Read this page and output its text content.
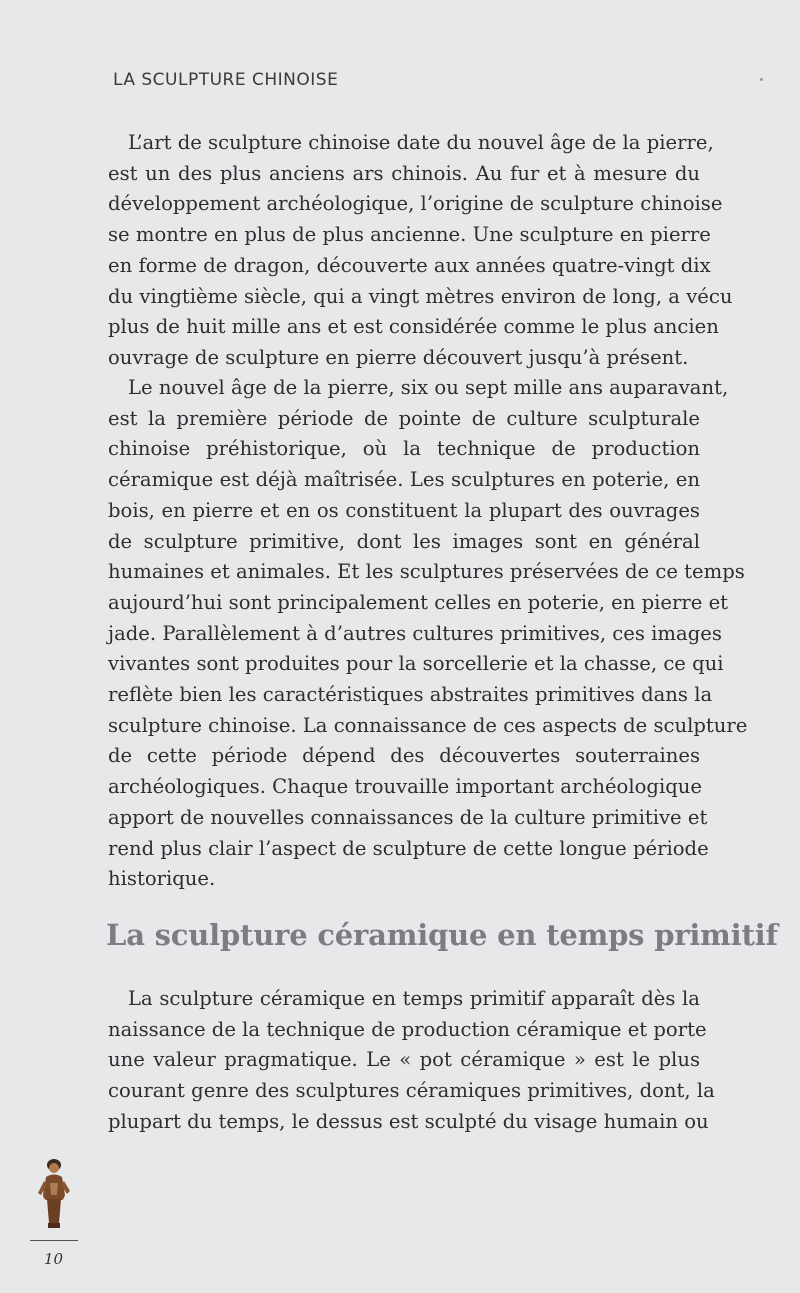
LA SCULPTURE CHINOISE

L’art de sculpture chinoise date du nouvel âge de la pierre,
est un des plus anciens ars chinois. Au fur et à mesure du
développement archéologique, l’origine de sculpture chinoise
se montre en plus de plus ancienne. Une sculpture en pierre
en forme de dragon, découverte aux années quatre-vingt dix
du vingtième siècle, qui a vingt mètres environ de long, a vécu
plus de huit mille ans et est considérée comme le plus ancien
ouvrage de sculpture en pierre découvert jusqu’à présent.

Le nouvel âge de la pierre, six ou sept mille ans auparavant,
est la première période de pointe de culture sculpturale
chinoise préhistorique, où la technique de production
céramique est déjà maîtrisée. Les sculptures en poterie, en
bois, en pierre et en os constituent la plupart des ouvrages
de sculpture primitive, dont les images sont en général
humaines et animales. Et les sculptures préservées de ce temps
aujourd’hui sont principalement celles en poterie, en pierre et
jade. Parallèlement à d’autres cultures primitives, ces images
vivantes sont produites pour la sorcellerie et la chasse, ce qui
reflète bien les caractéristiques abstraites primitives dans la
sculpture chinoise. La connaissance de ces aspects de sculpture
de cette période dépend des découvertes souterraines
archéologiques. Chaque trouvaille important archéologique
apport de nouvelles connaissances de la culture primitive et
rend plus clair l’aspect de sculpture de cette longue période
historique.

La sculpture céramique en temps primitif

La sculpture céramique en temps primitif apparaît dès la
naissance de la technique de production céramique et porte
une valeur pragmatique. Le « pot céramique » est le plus
courant genre des sculptures céramiques primitives, dont, la
plupart du temps, le dessus est sculpté du visage humain ou

10
